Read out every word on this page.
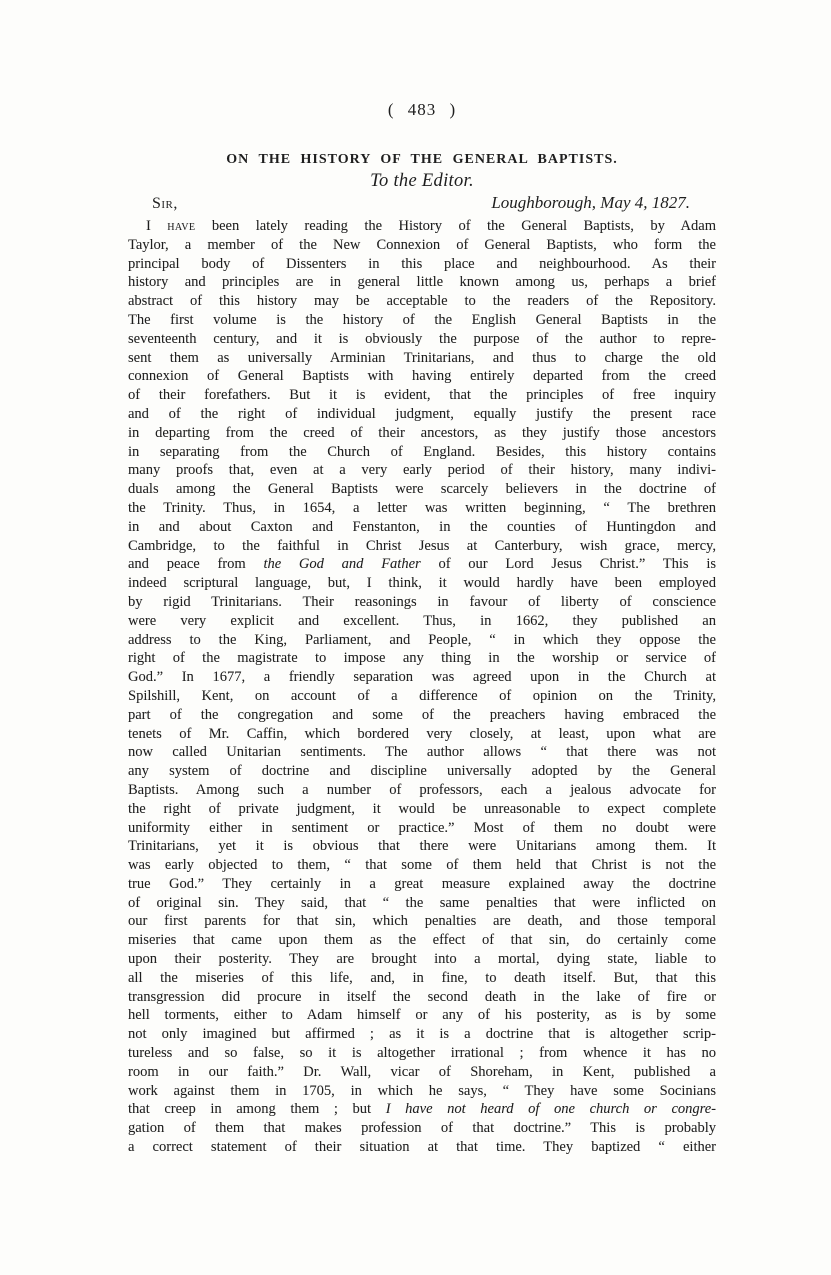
( 483 )
ON THE HISTORY OF THE GENERAL BAPTISTS.
To the Editor.
Sir,	Loughborough, May 4, 1827.
I have been lately reading the History of the General Baptists, by Adam
Taylor, a member of the New Connexion of General Baptists, who form the
principal body of Dissenters in this place and neighbourhood. As their
history and principles are in general little known among us, perhaps a brief
abstract of this history may be acceptable to the readers of the Repository.
The first volume is the history of the English General Baptists in the
seventeenth century, and it is obviously the purpose of the author to repre-
sent them as universally Arminian Trinitarians, and thus to charge the old
connexion of General Baptists with having entirely departed from the creed
of their forefathers. But it is evident, that the principles of free inquiry
and of the right of individual judgment, equally justify the present race
in departing from the creed of their ancestors, as they justify those ancestors
in separating from the Church of England. Besides, this history contains
many proofs that, even at a very early period of their history, many indivi-
duals among the General Baptists were scarcely believers in the doctrine of
the Trinity. Thus, in 1654, a letter was written beginning, “ The brethren
in and about Caxton and Fenstanton, in the counties of Huntingdon and
Cambridge, to the faithful in Christ Jesus at Canterbury, wish grace, mercy,
and peace from the God and Father of our Lord Jesus Christ.” This is
indeed scriptural language, but, I think, it would hardly have been employed
by rigid Trinitarians. Their reasonings in favour of liberty of conscience
were very explicit and excellent. Thus, in 1662, they published an
address to the King, Parliament, and People, “ in which they oppose the
right of the magistrate to impose any thing in the worship or service of
God.” In 1677, a friendly separation was agreed upon in the Church at
Spilshill, Kent, on account of a difference of opinion on the Trinity,
part of the congregation and some of the preachers having embraced the
tenets of Mr. Caffin, which bordered very closely, at least, upon what are
now called Unitarian sentiments. The author allows “ that there was not
any system of doctrine and discipline universally adopted by the General
Baptists. Among such a number of professors, each a jealous advocate for
the right of private judgment, it would be unreasonable to expect complete
uniformity either in sentiment or practice.” Most of them no doubt were
Trinitarians, yet it is obvious that there were Unitarians among them. It
was early objected to them, “ that some of them held that Christ is not the
true God.” They certainly in a great measure explained away the doctrine
of original sin. They said, that “ the same penalties that were inflicted on
our first parents for that sin, which penalties are death, and those temporal
miseries that came upon them as the effect of that sin, do certainly come
upon their posterity. They are brought into a mortal, dying state, liable to
all the miseries of this life, and, in fine, to death itself. But, that this
transgression did procure in itself the second death in the lake of fire or
hell torments, either to Adam himself or any of his posterity, as is by some
not only imagined but affirmed ; as it is a doctrine that is altogether scrip-
tureless and so false, so it is altogether irrational ; from whence it has no
room in our faith.” Dr. Wall, vicar of Shoreham, in Kent, published a
work against them in 1705, in which he says, “ They have some Socinians
that creep in among them ; but I have not heard of one church or congre-
gation of them that makes profession of that doctrine.” This is probably
a correct statement of their situation at that time. They baptized “ either
